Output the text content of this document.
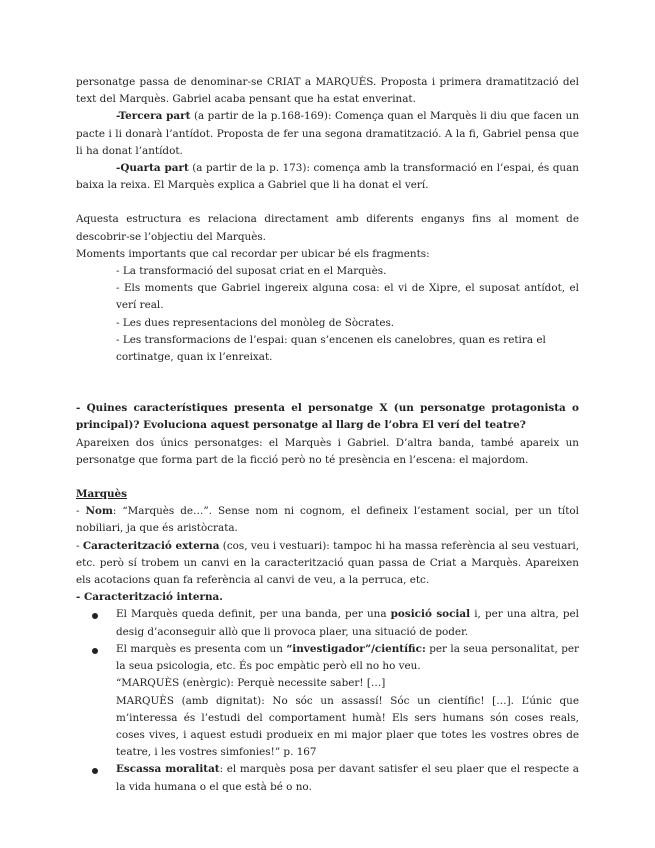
personatge passa de denominar-se CRIAT a MARQUÈS. Proposta i primera dramatització del text del Marquès. Gabriel acaba pensant que ha estat enverinat.

-Tercera part (a partir de la p.168-169): Comença quan el Marquès li diu que facen un pacte i li donarà l’antídot. Proposta de fer una segona dramatització. A la fi, Gabriel pensa que li ha donat l’antídot.

-Quarta part (a partir de la p. 173): comença amb la transformació en l’espai, és quan baixa la reixa. El Marquès explica a Gabriel que li ha donat el verí.

Aquesta estructura es relaciona directament amb diferents enganys fins al moment de descobrir-se l’objectiu del Marquès.

Moments importants que cal recordar per ubicar bé els fragments:

- La transformació del suposat criat en el Marquès.

- Els moments que Gabriel ingereix alguna cosa: el vi de Xipre, el suposat antídot, el verí real.

- Les dues representacions del monòleg de Sòcrates.

- Les transformacions de l’espai: quan s’encenen els canelobres, quan es retira el cortinatge, quan ix l’enreixat.

- Quines característiques presenta el personatge X (un personatge protagonista o principal)? Evoluciona aquest personatge al llarg de l’obra El verí del teatre?

Apareixen dos únics personatges: el Marquès i Gabriel. D’altra banda, també apareix un personatge que forma part de la ficció però no té presència en l’escena: el majordom.

Marquès

- Nom: “Marquès de…”. Sense nom ni cognom, el defineix l’estament social, per un títol nobiliari, ja que és aristòcrata.

- Caracterització externa (cos, veu i vestuari): tampoc hi ha massa referència al seu vestuari, etc. però sí trobem un canvi en la caracterització quan passa de Criat a Marquès. Apareixen els acotacions quan fa referència al canvi de veu, a la perruca, etc.

- Caracterització interna.

El Marquès queda definit, per una banda, per una posició social i, per una altra, pel desig d’aconseguir allò que li provoca plaer, una situació de poder.
El marquès es presenta com un “investigador”/científic: per la seua personalitat, per la seua psicologia, etc. És poc empàtic però ell no ho veu.
“MARQUÈS (enèrgic): Perquè necessite saber! […]
MARQUÈS (amb dignitat): No sóc un assassí! Sóc un científic! […]. L’únic que m’interessa és l’estudi del comportament humà! Els sers humans són coses reals, coses vives, i aquest estudi produeix en mi major plaer que totes les vostres obres de teatre, i les vostres simfonies!” p. 167
Escassa moralitat: el marquès posa per davant satisfer el seu plaer que el respecte a la vida humana o el que està bé o no.
